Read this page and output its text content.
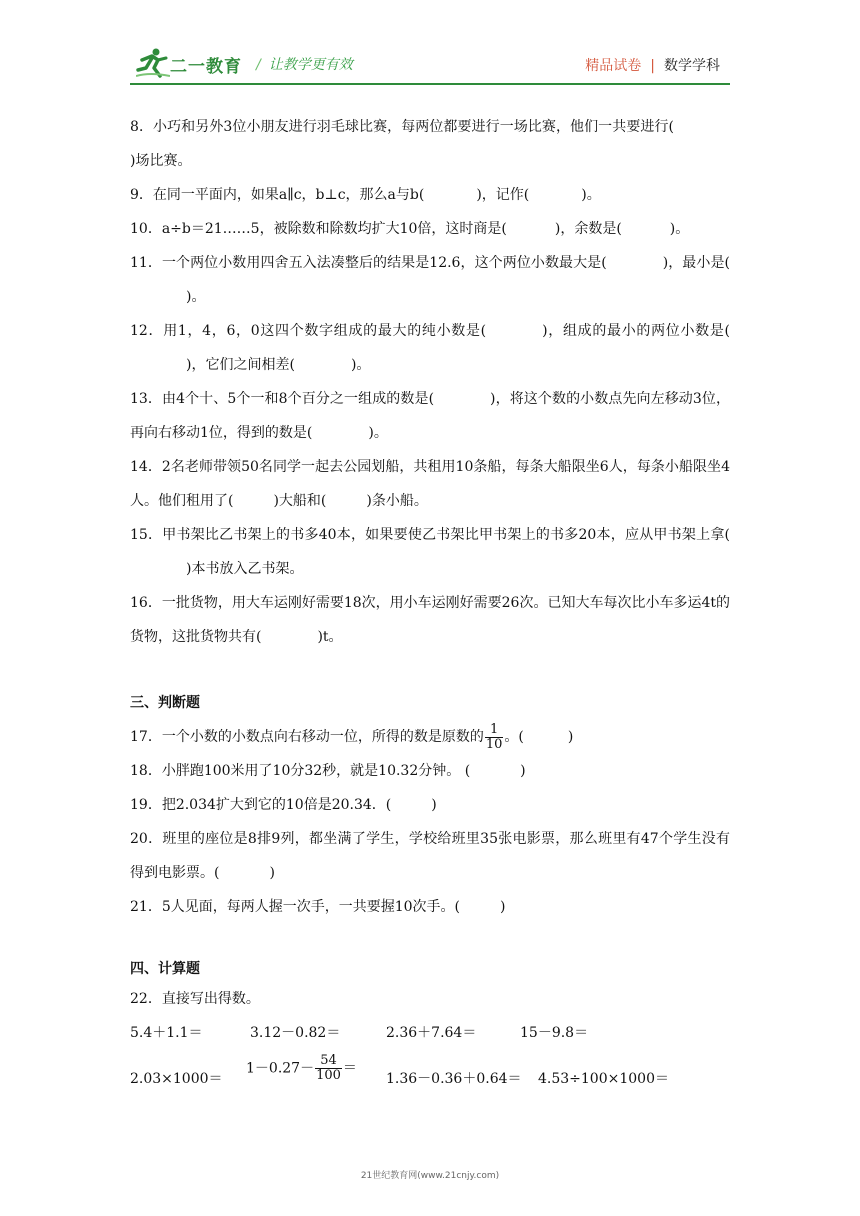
二一教育 / 让教学更有效	精品试卷 | 数学学科

8．小巧和另外3位小朋友进行羽毛球比赛，每两位都要进行一场比赛，他们一共要进行()场比赛。

9．在同一平面内，如果a∥c，b⊥c，那么a与b(	)，记作(	)。

10．a÷b＝21……5，被除数和除数均扩大10倍，这时商是(	)，余数是(	)。

11．一个两位小数用四舍五入法凑整后的结果是12.6，这个两位小数最大是(	)，最小是()。

12．用1，4，6，0这四个数字组成的最大的纯小数是(	)，组成的最小的两位小数是()，它们之间相差(	)。

13．由4个十、5个一和8个百分之一组成的数是(	)，将这个数的小数点先向左移动3位，再向右移动1位，得到的数是(	)。

14．2名老师带领50名同学一起去公园划船，共租用10条船，每条大船限坐6人，每条小船限坐4人。他们租用了(	)大船和(	)条小船。

15．甲书架比乙书架上的书多40本，如果要使乙书架比甲书架上的书多20本，应从甲书架上拿()本书放入乙书架。

16．一批货物，用大车运刚好需要18次，用小车运刚好需要26次。已知大车每次比小车多运4t的货物，这批货物共有(	)t。

三、判断题

17．一个小数的小数点向右移动一位，所得的数是原数的 $\frac{1}{10}$ 。(	)

18．小胖跑100米用了10分32秒，就是10.32分钟。 (	)

19．把2.034扩大到它的10倍是20.34．(	)

20．班里的座位是8排9列，都坐满了学生，学校给班里35张电影票，那么班里有47个学生没有得到电影票。(	)

21．5人见面，每两人握一次手，一共要握10次手。(	)

四、计算题

22．直接写出得数。

5.4＋1.1＝	3.12－0.82＝	2.36＋7.64＝	15－9.8＝
2.03×1000＝
$1-0.27- \frac{54}{100}$ ＝
1.36－0.36＋0.64＝ 4.53÷100×1000＝
21世纪教育网(www.21cnjy.com)
